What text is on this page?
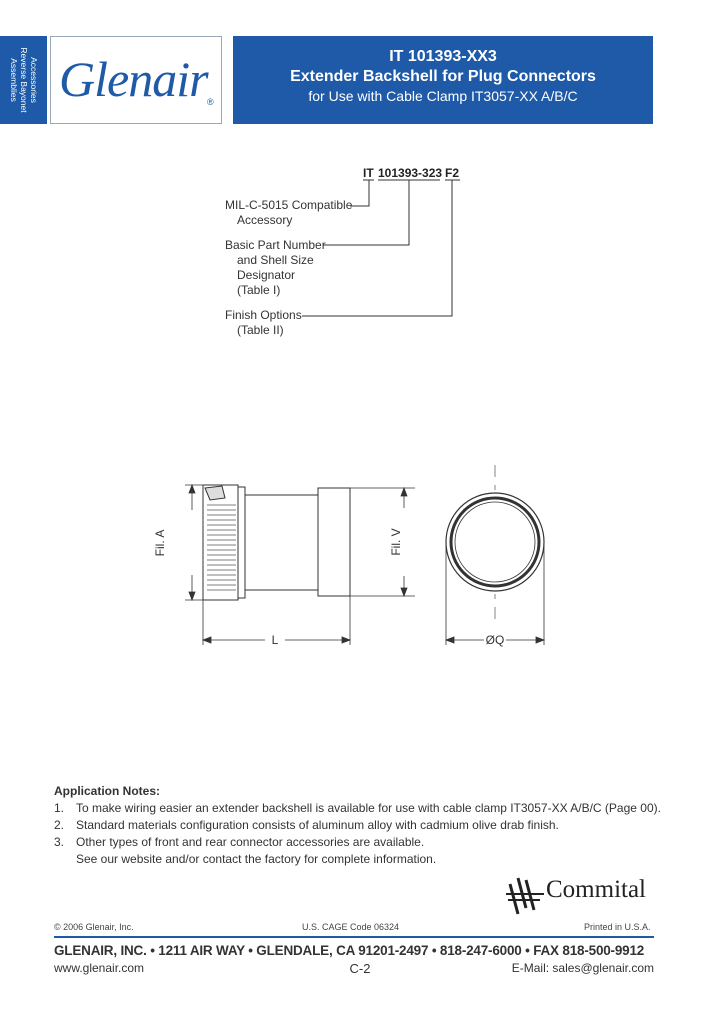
Accessories
Reverse Bayonet
Assemblies Glenair ®
IT 101393-XX3
Extender Backshell for Plug Connectors
for Use with Cable Clamp IT3057-XX A/B/C
IT 101393-323 F2
MIL-C-5015 Compatible
Accessory
Basic Part Number
and Shell Size
Designator
(Table I)
Finish Options
(Table II)
Fil. A	Fil. V
L	ØQ
Application Notes:
1. To make wiring easier an extender backshell is available for use with cable clamp IT3057-XX A/B/C (Page 00).
2. Standard materials configuration consists of aluminum alloy with cadmium olive drab finish.
3. Other types of front and rear connector accessories are available.
See our website and/or contact the factory for complete information.
Commital
© 2006 Glenair, Inc.	U.S. CAGE Code 06324	Printed in U.S.A.
GLENAIR, INC. • 1211 AIR WAY • GLENDALE, CA 91201-2497 • 818-247-6000 • FAX 818-500-9912
www.glenair.com	C-2	E-Mail: sales@glenair.com
